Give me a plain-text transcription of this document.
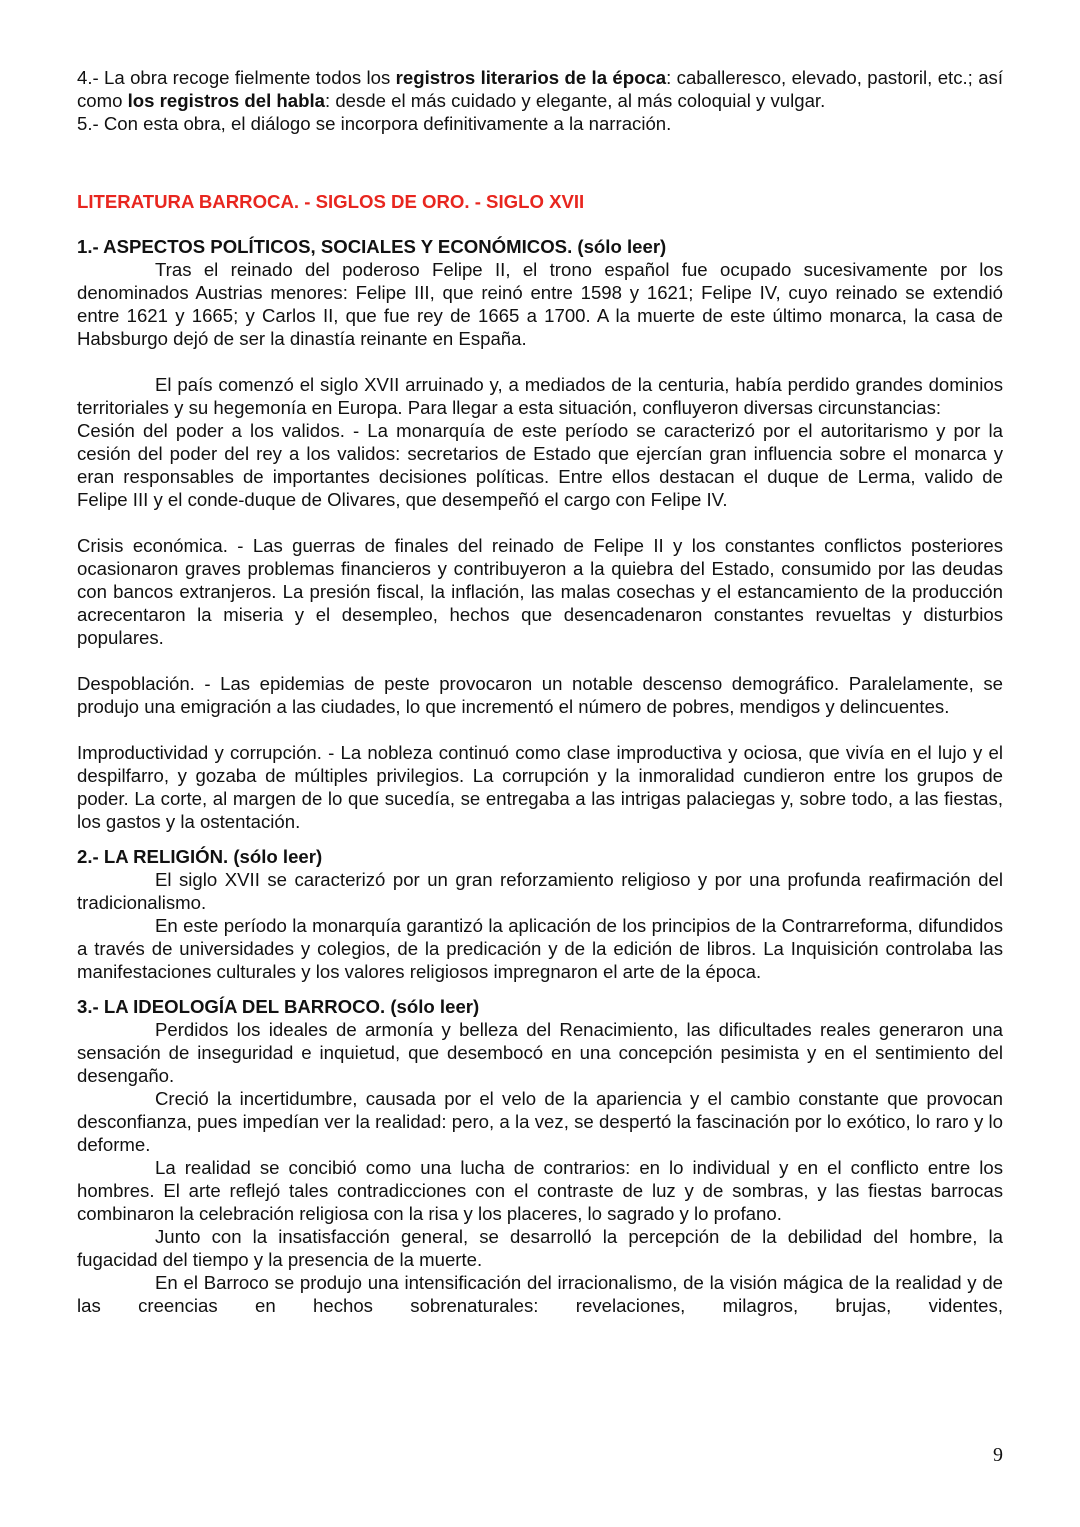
4.- La obra recoge fielmente todos los registros literarios de la época: caballeresco, elevado, pastoril, etc.; así como los registros del habla: desde el más cuidado y elegante, al más coloquial y vulgar.

5.- Con esta obra, el diálogo se incorpora definitivamente a la narración.

LITERATURA BARROCA. - SIGLOS DE ORO. - SIGLO XVII
1.- ASPECTOS POLÍTICOS, SOCIALES Y ECONÓMICOS. (sólo leer)

Tras el reinado del poderoso Felipe II, el trono español fue ocupado sucesivamente por los denominados Austrias menores: Felipe III, que reinó entre 1598 y 1621; Felipe IV, cuyo reinado se extendió entre 1621 y 1665; y Carlos II, que fue rey de 1665 a 1700. A la muerte de este último monarca, la casa de Habsburgo dejó de ser la dinastía reinante en España.

El país comenzó el siglo XVII arruinado y, a mediados de la centuria, había perdido grandes dominios territoriales y su hegemonía en Europa. Para llegar a esta situación, confluyeron diversas circunstancias:

Cesión del poder a los validos. - La monarquía de este período se caracterizó por el autoritarismo y por la cesión del poder del rey a los validos: secretarios de Estado que ejercían gran influencia sobre el monarca y eran responsables de importantes decisiones políticas. Entre ellos destacan el duque de Lerma, valido de Felipe III y el conde-duque de Olivares, que desempeñó el cargo con Felipe IV.

Crisis económica. - Las guerras de finales del reinado de Felipe II y los constantes conflictos posteriores ocasionaron graves problemas financieros y contribuyeron a la quiebra del Estado, consumido por las deudas con bancos extranjeros. La presión fiscal, la inflación, las malas cosechas y el estancamiento de la producción acrecentaron la miseria y el desempleo, hechos que desencadenaron constantes revueltas y disturbios populares.

Despoblación. - Las epidemias de peste provocaron un notable descenso demográfico. Paralelamente, se produjo una emigración a las ciudades, lo que incrementó el número de pobres, mendigos y delincuentes.

Improductividad y corrupción. - La nobleza continuó como clase improductiva y ociosa, que vivía en el lujo y el despilfarro, y gozaba de múltiples privilegios. La corrupción y la inmoralidad cundieron entre los grupos de poder. La corte, al margen de lo que sucedía, se entregaba a las intrigas palaciegas y, sobre todo, a las fiestas, los gastos y la ostentación.

2.- LA RELIGIÓN. (sólo leer)

El siglo XVII se caracterizó por un gran reforzamiento religioso y por una profunda reafirmación del tradicionalismo.

En este período la monarquía garantizó la aplicación de los principios de la Contrarreforma, difundidos a través de universidades y colegios, de la predicación y de la edición de libros. La Inquisición controlaba las manifestaciones culturales y los valores religiosos impregnaron el arte de la época.

3.- LA IDEOLOGÍA DEL BARROCO. (sólo leer)

Perdidos los ideales de armonía y belleza del Renacimiento, las dificultades reales generaron una sensación de inseguridad e inquietud, que desembocó en una concepción pesimista y en el sentimiento del desengaño.

Creció la incertidumbre, causada por el velo de la apariencia y el cambio constante que provocan desconfianza, pues impedían ver la realidad: pero, a la vez, se despertó la fascinación por lo exótico, lo raro y lo deforme.

La realidad se concibió como una lucha de contrarios: en lo individual y en el conflicto entre los hombres. El arte reflejó tales contradicciones con el contraste de luz y de sombras, y las fiestas barrocas combinaron la celebración religiosa con la risa y los placeres, lo sagrado y lo profano.

Junto con la insatisfacción general, se desarrolló la percepción de la debilidad del hombre, la fugacidad del tiempo y la presencia de la muerte.

En el Barroco se produjo una intensificación del irracionalismo, de la visión mágica de la realidad y de las creencias en hechos sobrenaturales: revelaciones, milagros, brujas, videntes,

9
